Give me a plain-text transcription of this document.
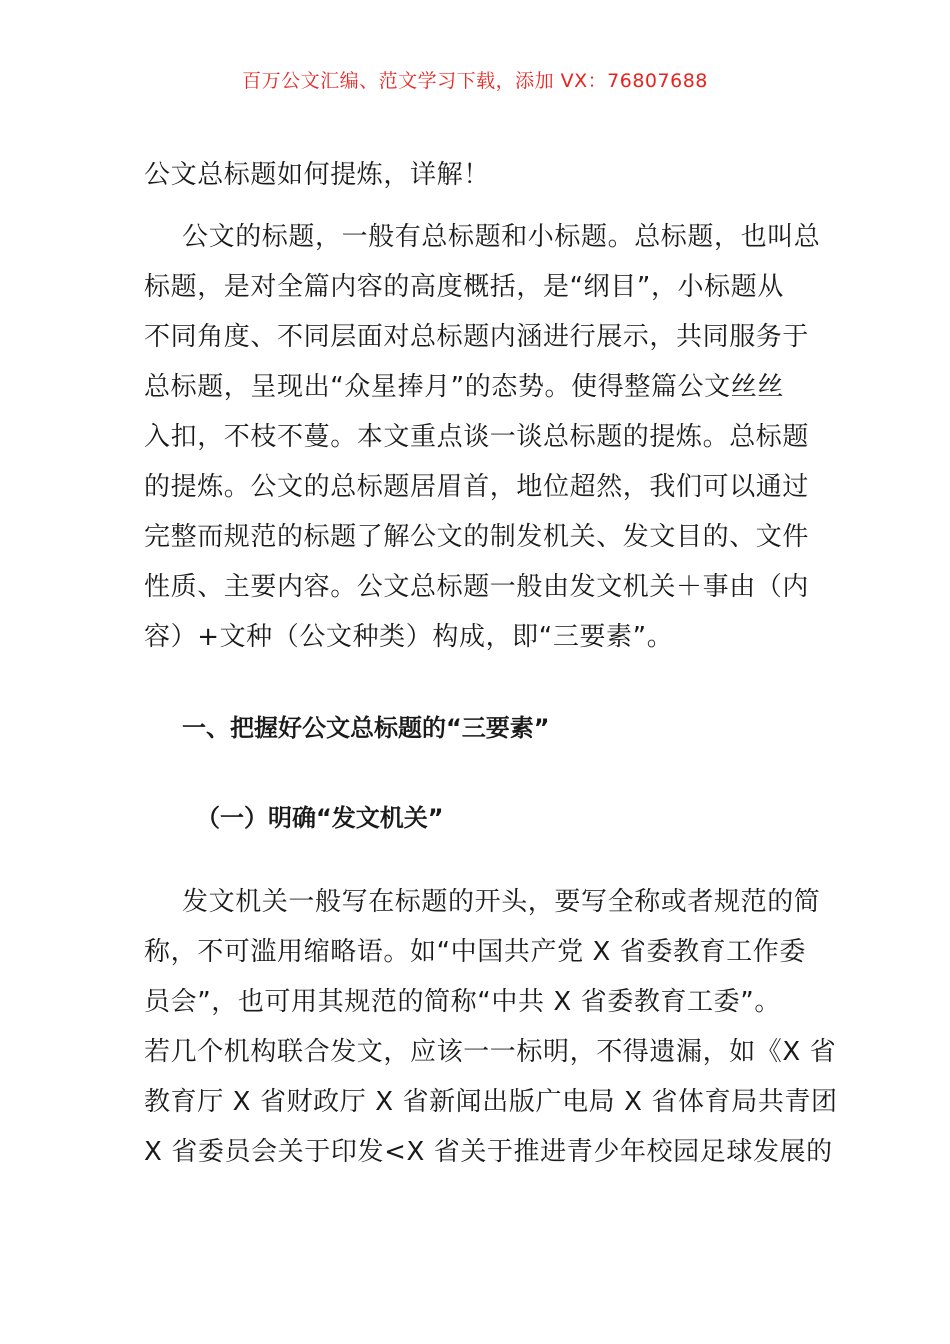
百万公文汇编、范文学习下载，添加 VX：76807688
公文总标题如何提炼，详解！
公文的标题，一般有总标题和小标题。总标题，也叫总
标题，是对全篇内容的高度概括，是“纲目”，小标题从
不同角度、不同层面对总标题内涵进行展示，共同服务于
总标题，呈现出“众星捧月”的态势。使得整篇公文丝丝
入扣，不枝不蔓。本文重点谈一谈总标题的提炼。总标题
的提炼。公文的总标题居眉首，地位超然，我们可以通过
完整而规范的标题了解公文的制发机关、发文目的、文件
性质、主要内容。公文总标题一般由发文机关＋事由（内
容）+文种（公文种类）构成，即“三要素”。
一、把握好公文总标题的“三要素”
（一）明确“发文机关”
发文机关一般写在标题的开头，要写全称或者规范的简
称，不可滥用缩略语。如“中国共产党 X 省委教育工作委
员会”，也可用其规范的简称“中共 X 省委教育工委”。
若几个机构联合发文，应该一一标明，不得遗漏，如《X 省
教育厅 X 省财政厅 X 省新闻出版广电局 X 省体育局共青团
X 省委员会关于印发<X 省关于推进青少年校园足球发展的
